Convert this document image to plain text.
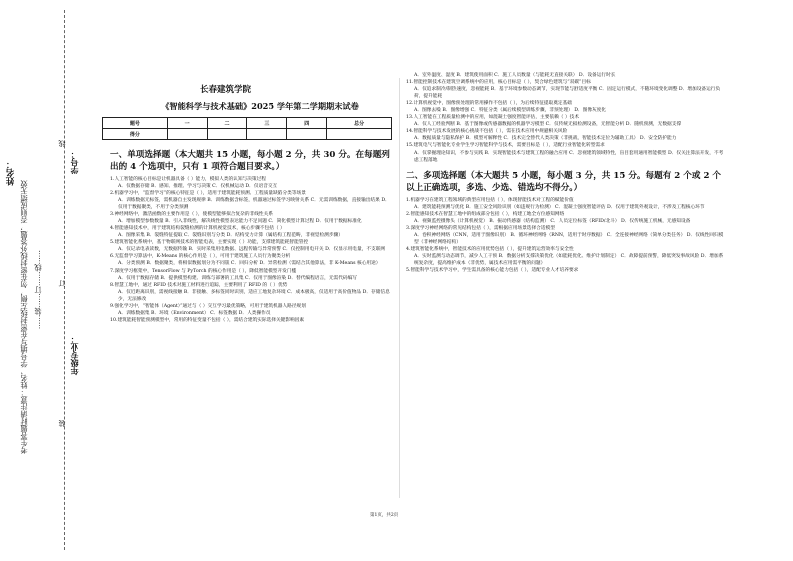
姓名：
考生答题时请注意：姓名、学号填写在密封线左侧，勿在密封线外答题，否则成绩无效 ……装……订……线……
年级专业：
学号：
线
订
装
长春建筑学院
《智能科学与技术基础》2025 学年第二学期期末试卷
题号	一	二	三	四	总分
得分					
一、单项选择题（本大题共 15 小题，每小题 2 分，共 30 分。在每题列出的 4 个选项中，只有 1 项符合题目要求。）
1.人工智能的核心目标是让机器具备（ ）能力，模拟人类的认知与决策过程
A．仅数据存储 B．感知、推理、学习与决策 C．仅机械运动 D．仅语音交互
2.机器学习中，“监督学习”的核心特征是（ ），适用于建筑能耗预测、工程质量缺陷分类等场景
A．训练数据无标签，需机器自主发现规律 B．训练数据含标签，机器通过标签学习映射关系 C．无需训练数据，直接输出结果 D．仅用于数据聚类，不用于分类预测
3.神经网络中，激活函数的主要作用是（ ），使模型能够拟合复杂的非线性关系
A．增加模型参数数量 B．引入非线性，解决线性模型表达能力不足问题 C．简化模型计算过程 D．仅用于数据标准化
4.智能感知技术中，用于建筑结构裂缝检测的计算机视觉技术，核心步骤不包括（ ）
A．图像采集 B．裂缝特征提取 C．裂缝识别与分类 D．结构受力计算（属结构工程范畴，非视觉检测步骤）
5.建筑智能化系统中，基于物联网技术的智能电表，主要实现（ ）功能，支撑建筑能耗智能管控
A．仅记录电表读数，无数据传输 B．实时采集用电数据、远程传输与异常预警 C．仅控制用电开关 D．仅显示用电量，不支联网
6.无监督学习算法中，K-Means 的核心作用是（ ），可用于建筑施工人员行为聚类分析
A．分类预测 B．数据聚类，将相似数据划分为不同簇 C．回归分析 D．异常检测（需结合其他算法，非 K-Means 核心用途）
7.深度学习框架中，TensorFlow 与 PyTorch 的核心作用是（ ），降低智能模型开发门槛
A．仅用于数据存储 B．提供模型构建、训练与部署的工具集 C．仅用于图像渲染 D．替代编程语言，无需代码编写
8.智慧工地中，通过 RFID 技术对施工材料进行追踪，主要利用了 RFID 的（ ）优势
A．仅近距离识别，需视线接触 B．非接触、多标签同时识别，适应工地复杂环境 C．成本极高，仅适用于高价值物品 D．存储信息少，无法修改
9.强化学习中，“智能体（Agent）”通过与（ ）交互学习最优策略，可用于建筑机器人路径规划
A．训练数据集 B．环境（Environment） C．标签数据 D．人类操作员
10.建筑能耗智能预测模型中，常用的特征变量不包括（ ），需结合建筑实际选择关键影响因素
A．室外温度、湿度 B．建筑使用面积 C．施工人员数量（与能耗无直接关联） D．设备运行时长
11.智能控制技术在建筑空调系统中的应用，核心目标是（ ），契合绿色建筑与“双碳”目标
A．仅追求制冷/制热速度，忽视能耗 B．基于环境参数动态调节，实现节能与舒适度平衡 C．固定运行模式，不随环境变化调整 D．增加设备运行负荷，提升能耗
12.计算机视觉中，图像预处理的常用操作不包括（ ），为后续特征提取奠定基础
A．图像去噪 B．图像增强 C．特征分类（属后续模型训练步骤，非预处理） D．图像灰度化
13.人工智能在工程质量检测中的应用，如混凝土强度智能评估，主要依赖（ ）技术
A．仅人工经验判断 B．基于图像或传感器数据的机器学习模型 C．仅传统无损检测设备，无智能分析 D．随机预测，无数据支撑
14.智能科学与技术发展的核心挑战不包括（ ），需在技术应用中规避相关风险
A．数据质量与隐私保护 B．模型可解释性 C．技术完全替代人类决策（非挑战，智能技术定位为辅助工具） D．安全防护能力
15.建筑电气与智能化专业学生学习智能科学与技术，需要目标是（ ），适配行业智能化转型需求
A．仅掌握理论知识，不参与实践 B．实现智能技术与建筑工程的融合应用 C．忽视建筑领域特性，盲目套用通用智能模型 D．仅关注算法开发，不考虑工程落地
二、多项选择题（本大题共 5 小题，每小题 3 分，共 15 分。每题有 2 个或 2 个以上正确选项，多选、少选、错选均不得分。）
1.机器学习在建筑工程领域的典型应用包括（ ），体现智能技术对工程的赋能价值
A．建筑能耗预测与优化 B．施工安全风险识别（如违规行为检测） C．混凝土强度智能评估 D．仅用于建筑外观设计，不涉及工程核心环节
2.智能感知技术在智慧工地中的组成部分包括（ ），构建工地全方位感知网络
A．视频监控摄像头（计算机视觉） B．振动传感器（结构监测） C．人员定位标签（RFID/北斗） D．仅传统施工机械，无感知设备
3.深度学习神经网络的常见结构包括（ ），需根据应用场景选择合适模型
A．卷积神经网络（CNN，适用于图像识别） B．循环神经网络（RNN，适用于时序数据） C．全连接神经网络（简单分类任务） D．仅线性回归模型（非神经网络结构）
4.建筑智能化系统中，智能技术的应用优势包括（ ），提升建筑运营效率与安全性
A．实时监测与动态调节，减少人工干预 B．数据分析支撑决策优化（如能耗优化、维护计划制定） C．故障提前预警，降低突发事故风险 D．增加系统复杂度，提高维护成本（非优势，属技术应用需平衡的问题）
5.智能科学与技术学习中，学生需具备的核心能力包括（ ），适配专业人才培养要求
第1页，共2页
